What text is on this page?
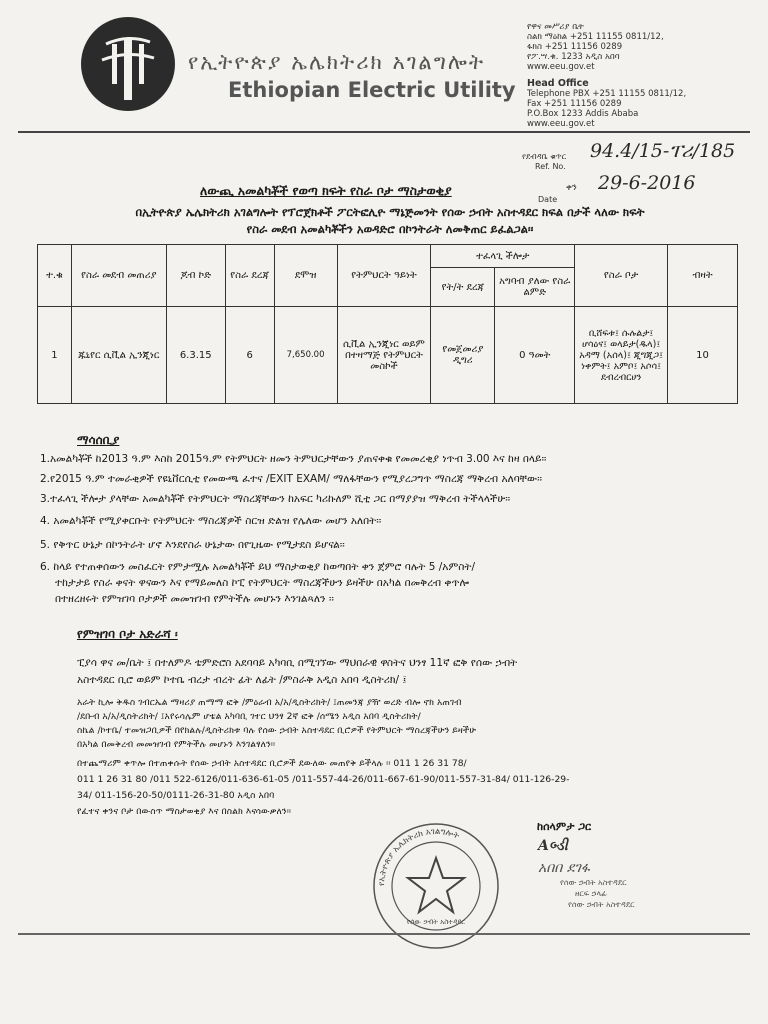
የኢትዮጵያ ኤሌክትሪክ አገልግሎት
Ethiopian Electric Utility
የዋና መሥሪያ ቤት
ስልክ ማዕከል +251 11155 0811/12,
ፋክስ +251 11156 0289
የፖ.ሣ.ቁ. 1233 አዲስ አበባ
www.eeu.gov.et
Head Office
Telephone PBX +251 11155 0811/12,
Fax +251 11156 0289
P.O.Box 1233 Addis Ababa
www.eeu.gov.et
የደብዳቤ ቁጥር
Ref. No.
94.4/15-ፐሪ/185
ቀን
Date
29-6-2016
ለውጪ አመልካቾች የወጣ ክፍት የስራ ቦታ ማስታወቂያ
በኢትዮጵያ ኤሌክትሪክ አገልግሎት የፕሮጀክቶች ፖርትፎሊዮ ማኔጅመንት የሰው ኃብት አስተዳደር ክፍል በታች ላለው ክፍት
የስራ መደብ አመልካቾችን አወዳድሮ በኮንትራት ለመቅጠር ይፈልጋል፡፡
ተ.ቁ	የስራ መደብ መጠሪያ	ጆብ ኮድ	የስራ ደረጃ	ደሞዝ	የትምህርት ዓይነት	ተፈላጊ ችሎታ		የስራ ቦታ	ብዛት
						የት/ት ደረጃ	አግባብ ያለው የስራ ልምድ		
1	ጁኒየር ሲቪል ኢንጂነር	6.3.15	6	7,650.00	ሲቪል ኢንጂነር ወይም በተዛማጅ የትምህርት መስኮች	የመጀመሪያ ዲግሪ	0 ዓመት	ቢሸፍቱ፤ ሱሉልታ፤ ሆሳዕና፤ ወላይታ(ዱላ)፤ አዳማ (አሰላ)፤ ጂግጂጋ፤ ነቀምት፤ አምቦ፤ አሶሳ፤ ደብረብርሀን	10
ማሳሰቢያ
1.አመልካቾች ከ2013 ዓ.ም እስከ 2015ዓ.ም የትምህርት ዘመን ትምህርታቸውን ያጠናቀቁ የመመረቂያ ነጥብ 3.00 እና ከዛ በላይ፡፡
2.የ2015 ዓ.ም ተመራቂዎች የዩኒቨርሲቲ የመውጫ ፈተና /EXIT EXAM/ ማለፋቸውን የሚያረጋግጥ ማስረጃ ማቅረብ አለባቸው፡፡
3.ተፈላጊ ችሎታ ያላቸው አመልካቾች የትምህርት ማስረጃቸውን ከአፍር ካሪኩለም ሺቲ ጋር በማያያዝ ማቅረብ ትችላላችሁ፡፡
4. አመልካቾች የሚያቀርቡት የትምህርት ማስረጃዎች ስርዝ ድልዝ የሌለው መሆን አለበት፡፡
5. የቅጥር ሁኔታ በኮንትራት ሆኖ እንደየስራ ሁኔታው በየጊዜው የሚታደስ ይሆናል፡፡
6. ከላይ የተጠቀሰውን መስፈርት የምታሟሉ አመልካቾች ይህ ማስታወቂያ ከወጣበት ቀን ጀምሮ ባሉት 5 /አምስት/
ተከታታይ የስራ ቀናት ዋናውን እና የማይመለስ ኮፒ የትምህርት ማስረጃችሁን ይዛችሁ በአካል በመቅረብ ቀጥሎ
በተዘረዘሩት የምዝገባ ቦታዎች መመዝገብ የምትችሉ መሆኑን እንገልጻለን ፡፡
የምዝገባ ቦታ አድራሻ ፡
ፒያሳ ዋና መ/ቤት ፤ በተለምዶ ቴምድሮስ አደባባይ አካባቢ በሚገኘው ማህበራዊ ዋስትና ህንፃ 11ኛ ፎቅ የሰው ኃብት
አስተዳደር ቢሮ ወይም ኮተቤ ብረታ ብረት ፊት ለፊት /ምስራቅ አዲስ አበባ ዲስትሪክ/ ፤
አራት ኪሎ ቅዱስ ገብርኤል ማዛሪያ ጠማማ ፎቅ /ምዕራብ አ/አ/ዲስትሪክት/ ፤ጠመንጃ ያዥ ወረድ ብሎ ኖክ አጠገብ
/ደቡብ አ/አ/ዲስትሪክት/ ፤አየሩሳሌም ሆቴል አካባቢ ገተር ህንፃ 2ኛ ፎቅ /ሰሜን አዲስ አበባ ዲስትሪክት/
ስኬል /ኮተቤ/ ተመዝጋቢዎች በየክልሉ/ዲስትሪክቱ ባሉ የሰው ኃብት አስተዳደር ቢሮዎች የትምህርት ማስረጃችሁን ይዛችሁ
በአካል በመቅረብ መመዝገብ የምትችሉ መሆኑን እንገልፃለን፡፡
በተጨማሪም ቀጥሎ በተጠቀሱት የሰው ኃብት አስተዳደር ቢሮዎች ደውለው መጠየቅ ይችላሉ ፡፡ 011 1 26 31 78/
011 1 26 31 80 /011 522-6126/011-636-61-05 /011-557-44-26/011-667-61-90/011-557-31-84/ 011-126-29-
34/ 011-156-20-50/0111-26-31-80 አዲስ አበባ
የፈተና ቀንና ቦታ በውስጥ ማስታወቂያ እና በስልክ እናሳውቃለን፡፡
የኢትዮጵያ ኤሌክትሪክ አገልግሎት
የሰው ኃብት አስተዳደር
ከሰላምታ ጋር
Aબ્ડી
አበበ ደገፋ
የሰው ኃብት አስተዳደር
ዘርፍ ኃላፊ
የሰው ኃብት አስተዳደር
